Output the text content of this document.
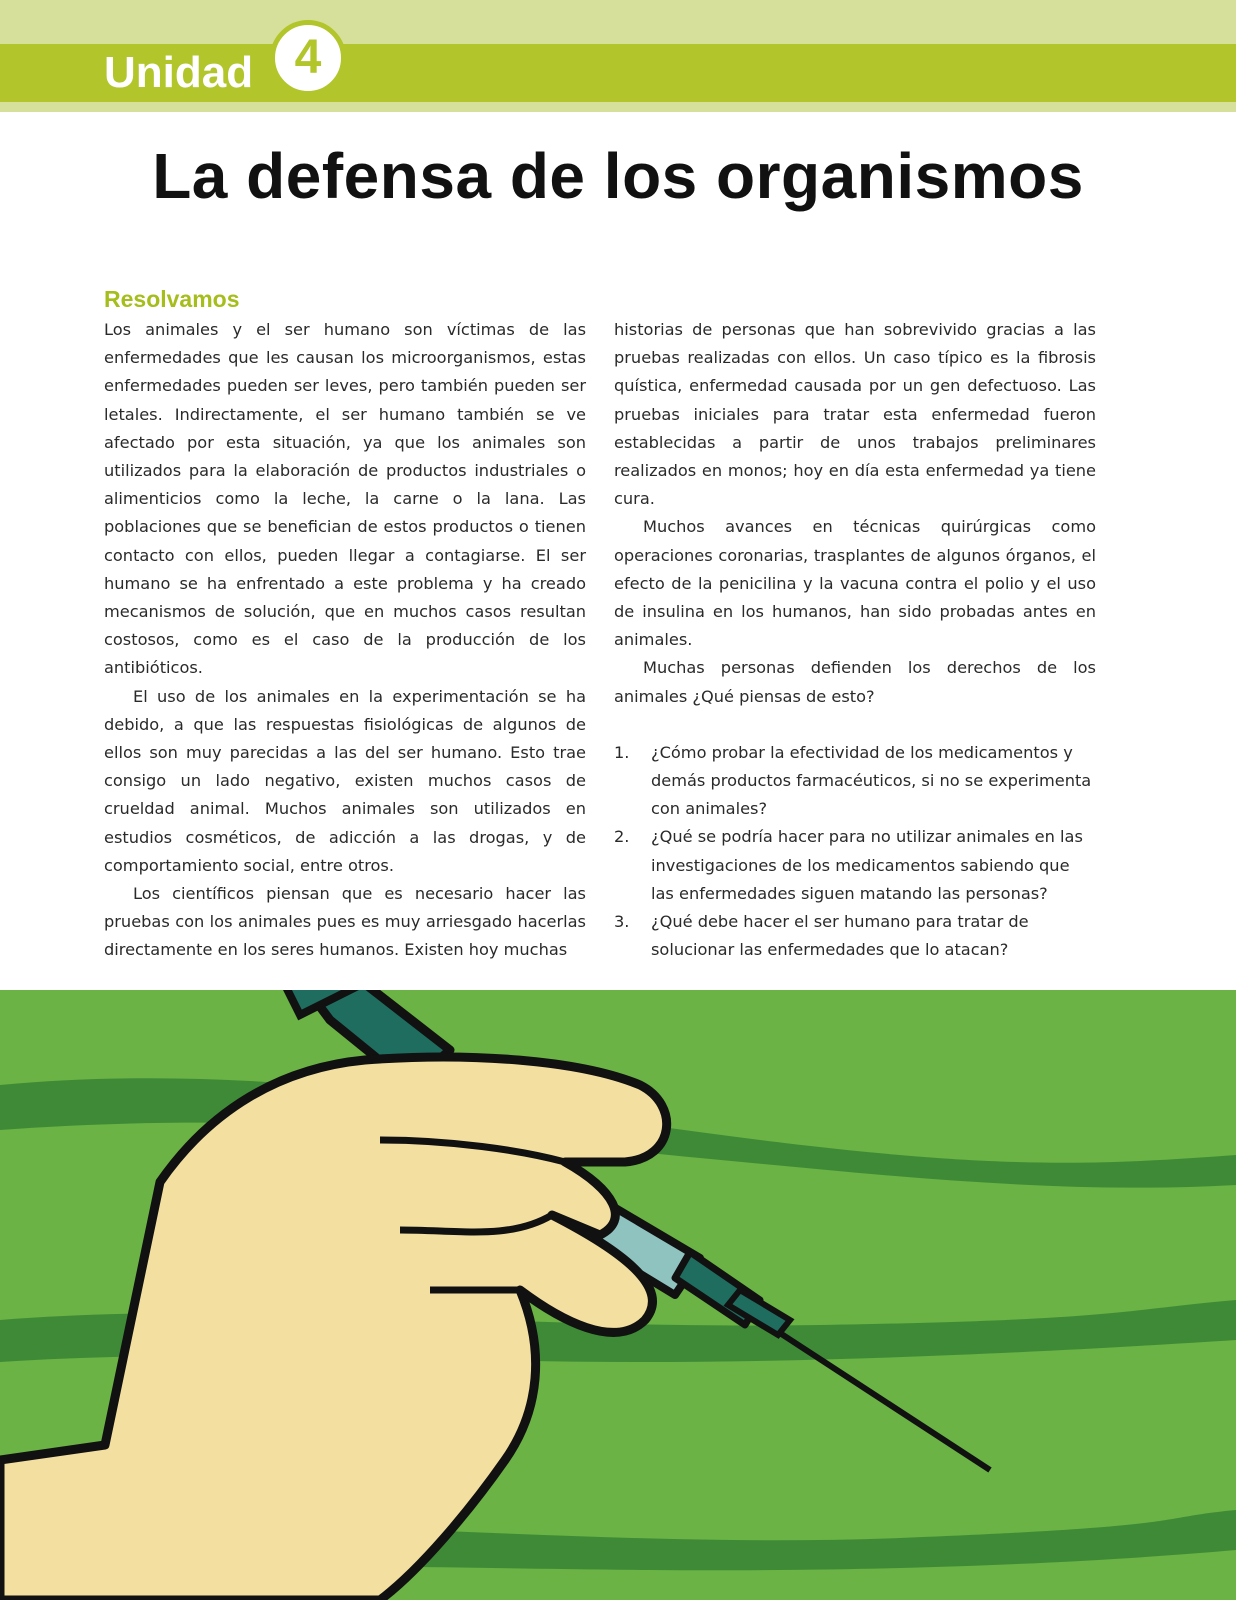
Unidad 4
La defensa de los organismos
Resolvamos

Los animales y el ser humano son víctimas de las enfermedades que les causan los microorganismos, estas enfermedades pueden ser leves, pero también pueden ser letales. Indirectamente, el ser humano también se ve afectado por esta situación, ya que los animales son utilizados para la elaboración de productos industriales o alimenticios como la leche, la carne o la lana. Las poblaciones que se benefician de estos productos o tienen contacto con ellos, pueden llegar a contagiarse. El ser humano se ha enfrentado a este problema y ha creado mecanismos de solución, que en muchos casos resultan costosos, como es el caso de la producción de los antibióticos.

El uso de los animales en la experimentación se ha debido, a que las respuestas fisiológicas de algunos de ellos son muy parecidas a las del ser humano. Esto trae consigo un lado negativo, existen muchos casos de crueldad animal. Muchos animales son utilizados en estudios cosméticos, de adicción a las drogas, y de comportamiento social, entre otros.

Los científicos piensan que es necesario hacer las pruebas con los animales pues es muy arriesgado hacerlas directamente en los seres humanos. Existen hoy muchas

historias de personas que han sobrevivido gracias a las pruebas realizadas con ellos. Un caso típico es la fibrosis quística, enfermedad causada por un gen defectuoso. Las pruebas iniciales para tratar esta enfermedad fueron establecidas a partir de unos trabajos preliminares realizados en monos; hoy en día esta enfermedad ya tiene cura.

Muchos avances en técnicas quirúrgicas como operaciones coronarias, trasplantes de algunos órganos, el efecto de la penicilina y la vacuna contra el polio y el uso de insulina en los humanos, han sido probadas antes en animales.

Muchas personas defienden los derechos de los animales ¿Qué piensas de esto?

1. ¿Cómo probar la efectividad de los medicamentos y demás productos farmacéuticos, si no se experimenta con animales?
2. ¿Qué se podría hacer para no utilizar animales en las investigaciones de los medicamentos sabiendo que las enfermedades siguen matando las personas?
3. ¿Qué debe hacer el ser humano para tratar de solucionar las enfermedades que lo atacan?
